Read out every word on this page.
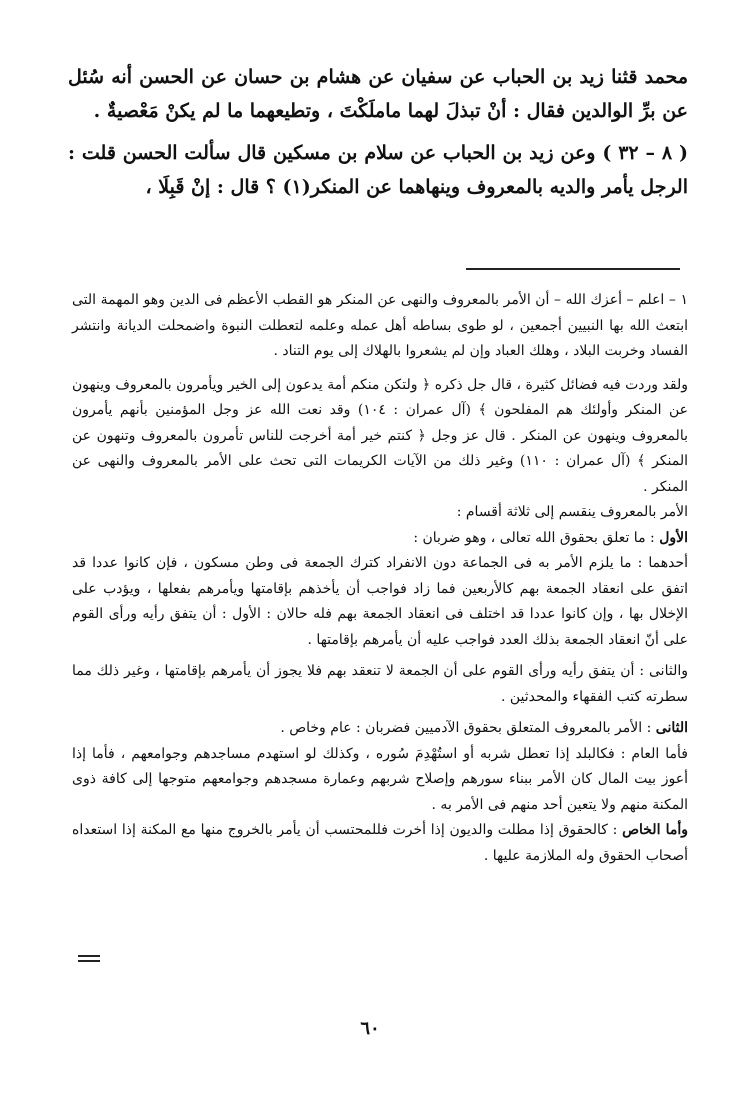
محمد قثنا زيد بن الحباب عن سفيان عن هشام بن حسان عن الحسن أنه سُئل عن برِّ الوالدين فقال : أنْ تبذلَ لهما ماملَكْتَ ، وتطيعهما ما لم يكنْ مَعْصيةٌ .

( ٨ – ٣٢ ) وعن زيد بن الحباب عن سلام بن مسكين قال سألت الحسن قلت : الرجل يأمر والديه بالمعروف وينهاهما عن المنكر(١) ؟ قال : إنْ قَبِلَا ،

١ – اعلم – أعزك الله – أن الأمر بالمعروف والنهى عن المنكر هو القطب الأعظم فى الدين وهو المهمة التى ابتعث الله بها النبيين أجمعين ، لو طوى بساطه أهل عمله وعلمه لتعطلت النبوة واضمحلت الديانة وانتشر الفساد وخربت البلاد ، وهلك العباد وإن لم يشعروا بالهلاك إلى يوم التناد .

ولقد وردت فيه فضائل كثيرة ، قال جل ذكره ﴿ ولتكن منكم أمة يدعون إلى الخير ويأمرون بالمعروف وينهون عن المنكر وأولئك هم المفلحون ﴾ (آل عمران : ١٠٤) وقد نعت الله عز وجل المؤمنين بأنهم يأمرون بالمعروف وينهون عن المنكر . قال عز وجل ﴿ كنتم خير أمة أخرجت للناس تأمرون بالمعروف وتنهون عن المنكر ﴾ (آل عمران : ١١٠) وغير ذلك من الآيات الكريمات التى تحث على الأمر بالمعروف والنهى عن المنكر .

الأمر بالمعروف ينقسم إلى ثلاثة أقسام :

الأول : ما تعلق بحقوق الله تعالى ، وهو ضربان :

أحدهما : ما يلزم الأمر به فى الجماعة دون الانفراد كترك الجمعة فى وطن مسكون ، فإن كانوا عددا قد اتفق على انعقاد الجمعة بهم كالأربعين فما زاد فواجب أن يأخذهم بإقامتها ويأمرهم بفعلها ، ويؤدب على الإخلال بها ، وإن كانوا عددا قد اختلف فى انعقاد الجمعة بهم فله حالان : الأول : أن يتفق رأيه ورأى القوم على أنّ انعقاد الجمعة بذلك العدد فواجب عليه أن يأمرهم بإقامتها .

والثانى : أن يتفق رأيه ورأى القوم على أن الجمعة لا تنعقد بهم فلا يجوز أن يأمرهم بإقامتها ، وغير ذلك مما سطرته كتب الفقهاء والمحدثين .

الثانى : الأمر بالمعروف المتعلق بحقوق الآدميين فضربان : عام وخاص .

فأما العام : فكالبلد إذا تعطل شربه أو استُهْدِمَ سُوره ، وكذلك لو استهدم مساجدهم وجوامعهم ، فأما إذا أعوز بيت المال كان الأمر ببناء سورهم وإصلاح شربهم وعمارة مسجدهم وجوامعهم متوجها إلى كافة ذوى المكنة منهم ولا يتعين أحد منهم فى الأمر به .

وأما الخاص : كالحقوق إذا مطلت والديون إذا أخرت فللمحتسب أن يأمر بالخروج منها مع المكنة إذا استعداه أصحاب الحقوق وله الملازمة عليها .

٦٠
